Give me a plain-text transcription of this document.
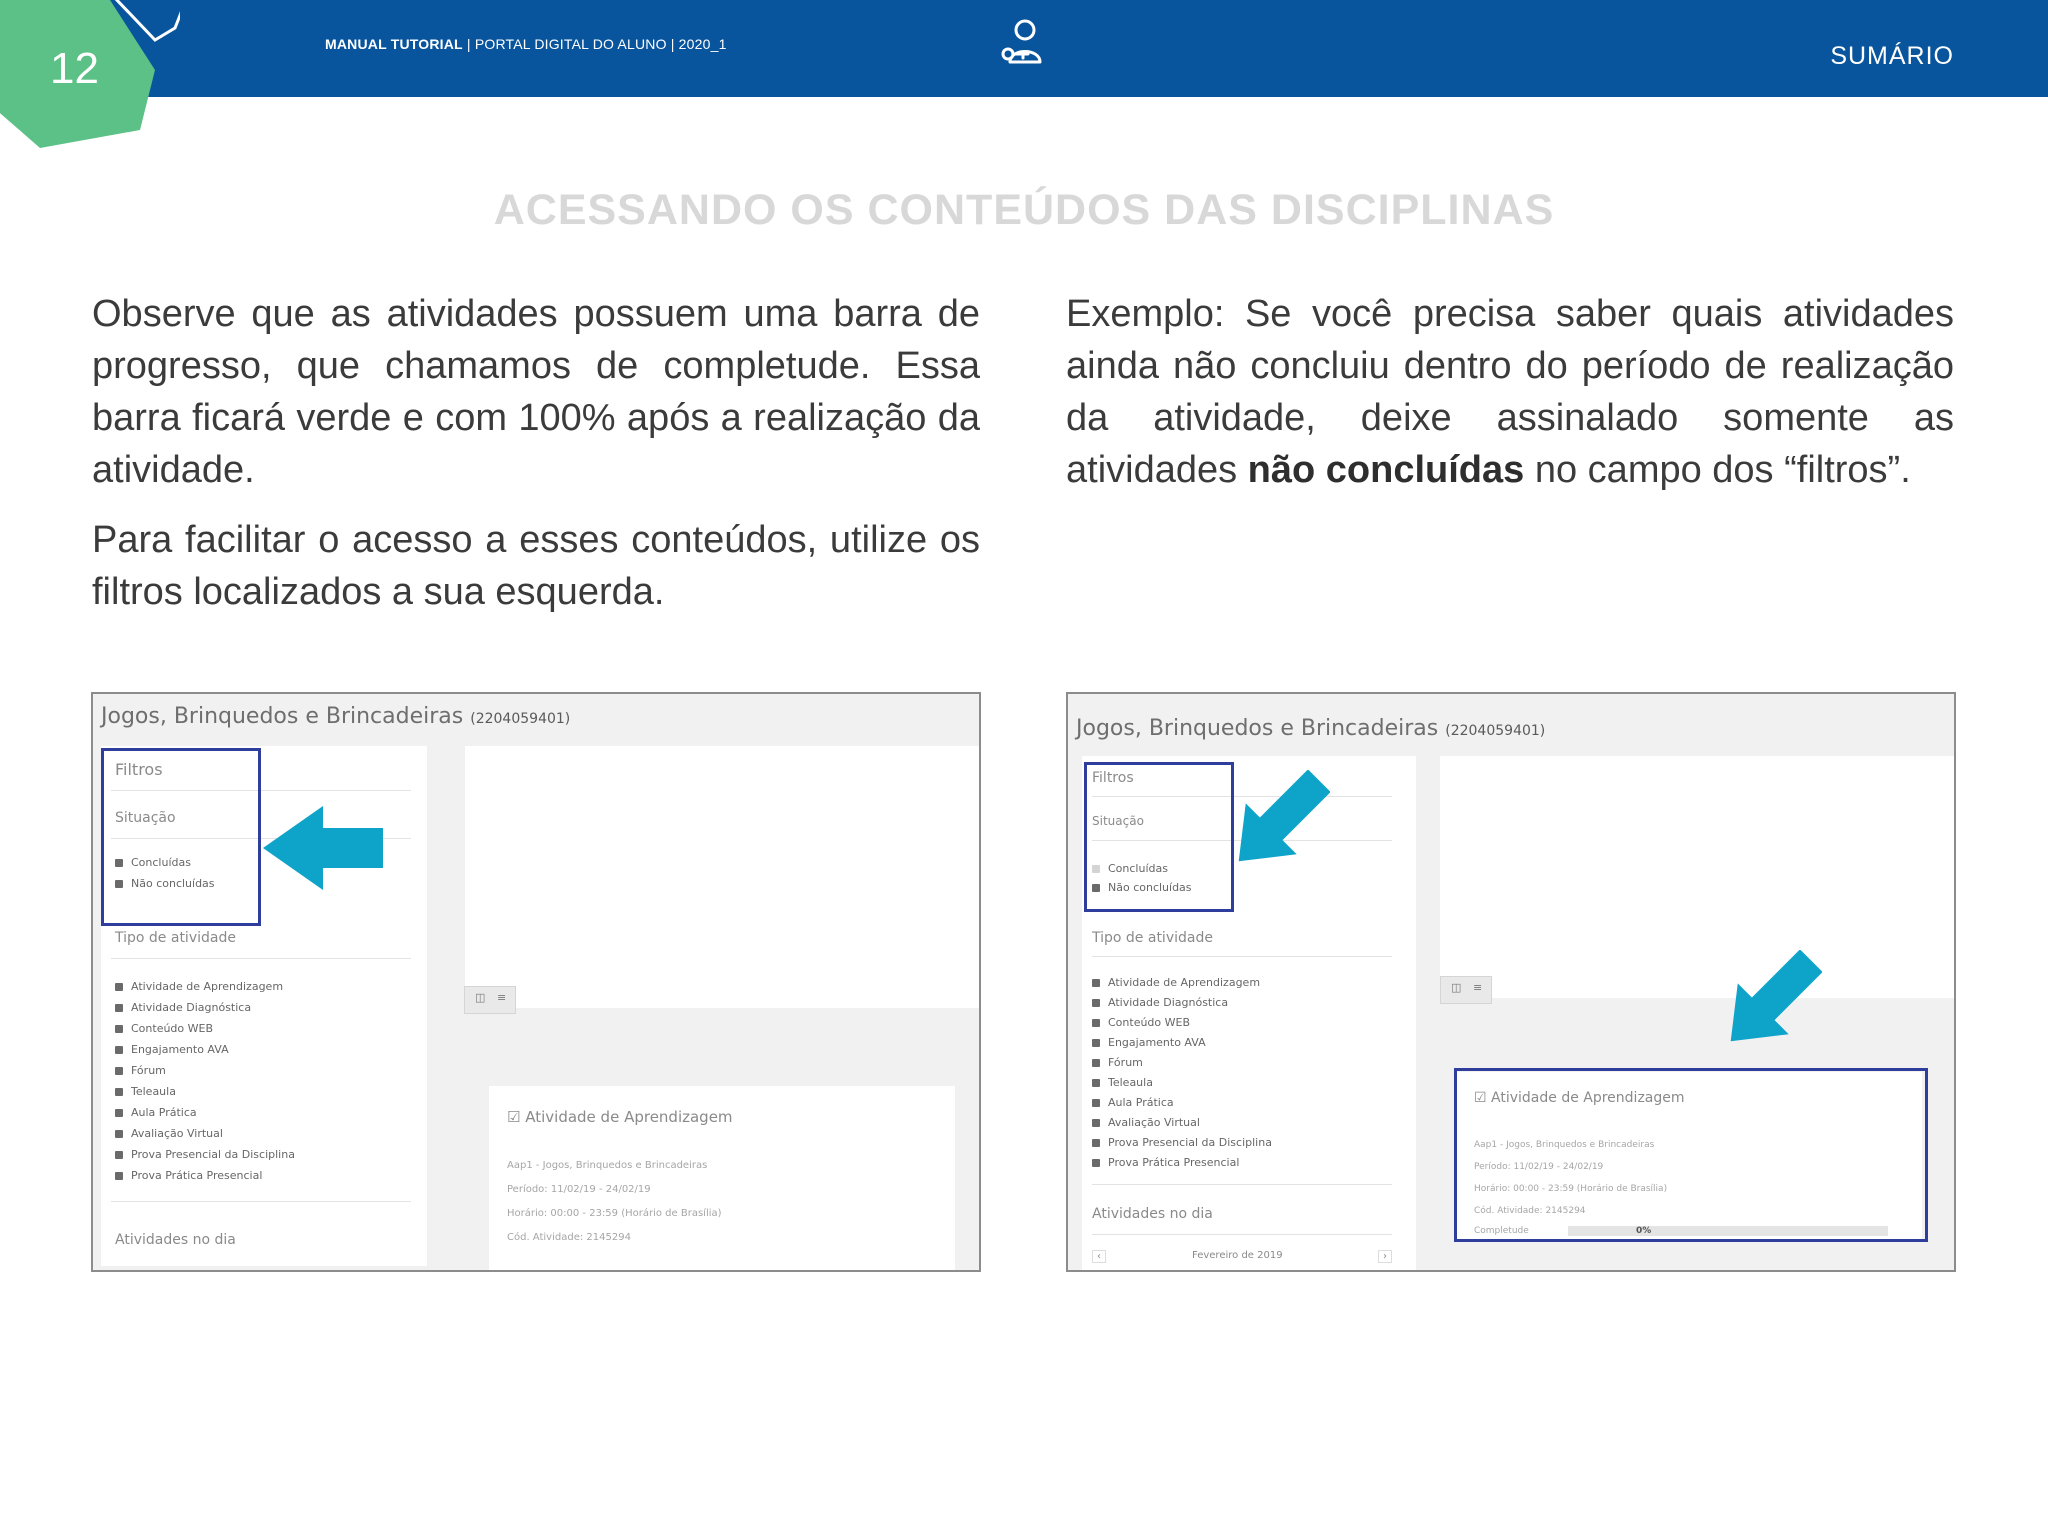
12	MANUAL TUTORIAL | PORTAL DIGITAL DO ALUNO | 2020_1	SUMÁRIO
ACESSANDO OS CONTEÚDOS DAS DISCIPLINAS

Observe que as atividades possuem uma barra de progresso, que chamamos de completude. Essa barra ficará verde e com 100% após a realização da atividade.

Para facilitar o acesso a esses conteúdos, utilize os filtros localizados a sua esquerda.

Exemplo: Se você precisa saber quais atividades ainda não concluiu dentro do período de realização da atividade, deixe assinalado somente as atividades não concluídas no campo dos “filtros”.

Jogos, Brinquedos e Brincadeiras (2204059401)
Filtros
Situação
Concluídas
Não concluídas
Tipo de atividade
Atividade de Aprendizagem
Atividade Diagnóstica
Conteúdo WEB
Engajamento AVA
Fórum
Teleaula
Aula Prática
Avaliação Virtual
Prova Presencial da Disciplina
Prova Prática Presencial
Atividades no dia
◫ ≡
☑ Atividade de Aprendizagem
Aap1 - Jogos, Brinquedos e Brincadeiras
Período: 11/02/19 - 24/02/19
Horário: 00:00 - 23:59 (Horário de Brasília)
Cód. Atividade: 2145294
Jogos, Brinquedos e Brincadeiras (2204059401)
Filtros
Situação
Concluídas
Não concluídas
Tipo de atividade
Atividade de Aprendizagem
Atividade Diagnóstica
Conteúdo WEB
Engajamento AVA
Fórum
Teleaula
Aula Prática
Avaliação Virtual
Prova Presencial da Disciplina
Prova Prática Presencial
Atividades no dia
‹	Fevereiro de 2019	›
◫ ≡
☑ Atividade de Aprendizagem
Aap1 - Jogos, Brinquedos e Brincadeiras
Período: 11/02/19 - 24/02/19
Horário: 00:00 - 23:59 (Horário de Brasília)
Cód. Atividade: 2145294
Completude	0%
